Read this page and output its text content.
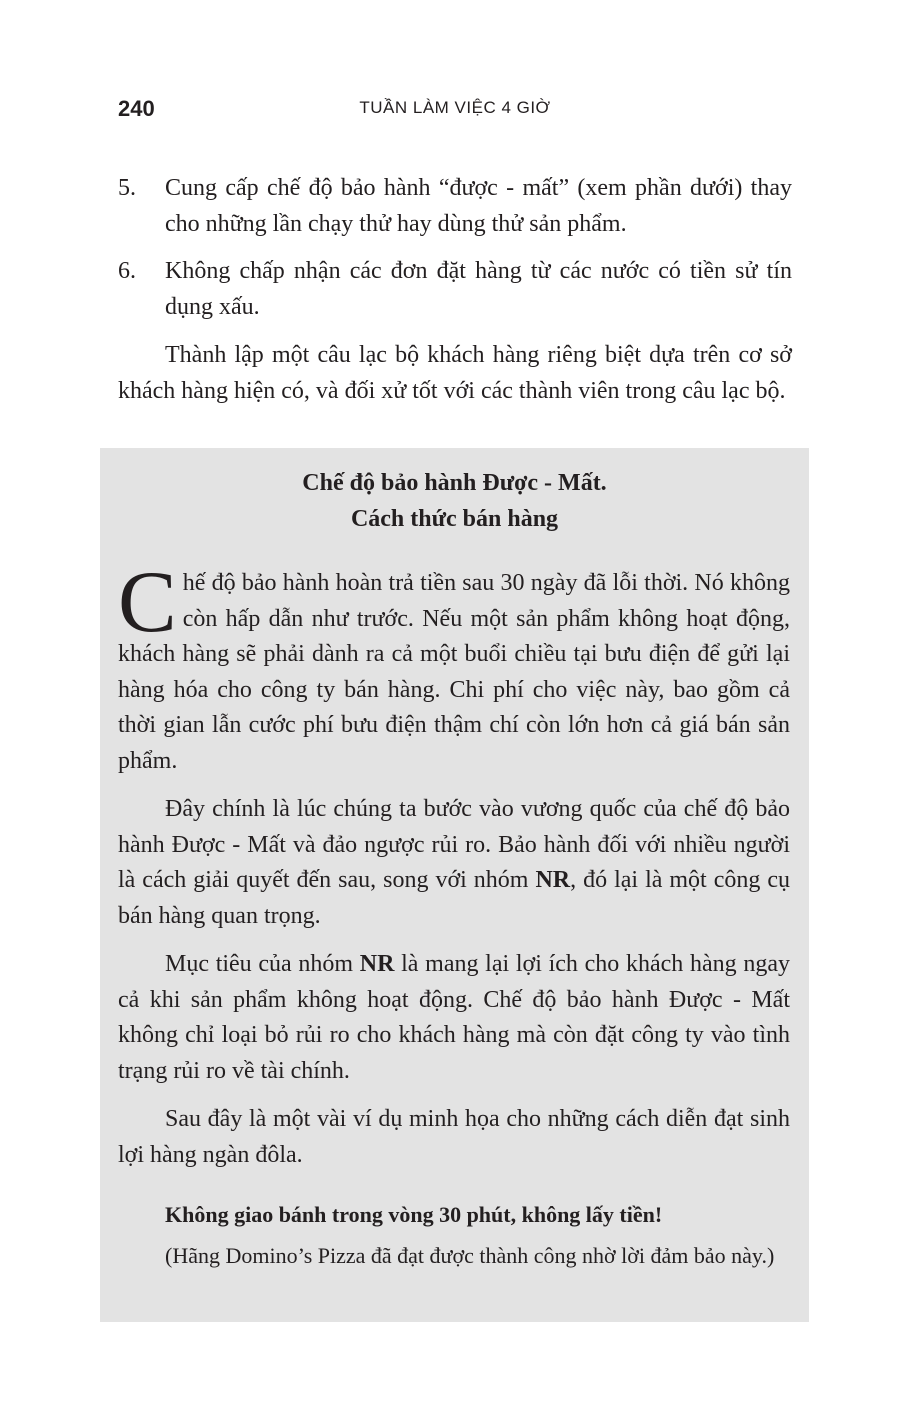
240	TUẦN LÀM VIỆC 4 GIỜ
5. Cung cấp chế độ bảo hành “được - mất” (xem phần dưới) thay cho những lần chạy thử hay dùng thử sản phẩm.
6. Không chấp nhận các đơn đặt hàng từ các nước có tiền sử tín dụng xấu.
Thành lập một câu lạc bộ khách hàng riêng biệt dựa trên cơ sở khách hàng hiện có, và đối xử tốt với các thành viên trong câu lạc bộ.
Chế độ bảo hành Được - Mất.
Cách thức bán hàng

Chế độ bảo hành hoàn trả tiền sau 30 ngày đã lỗi thời. Nó không còn hấp dẫn như trước. Nếu một sản phẩm không hoạt động, khách hàng sẽ phải dành ra cả một buổi chiều tại bưu điện để gửi lại hàng hóa cho công ty bán hàng. Chi phí cho việc này, bao gồm cả thời gian lẫn cước phí bưu điện thậm chí còn lớn hơn cả giá bán sản phẩm.

Đây chính là lúc chúng ta bước vào vương quốc của chế độ bảo hành Được - Mất và đảo ngược rủi ro. Bảo hành đối với nhiều người là cách giải quyết đến sau, song với nhóm NR, đó lại là một công cụ bán hàng quan trọng.

Mục tiêu của nhóm NR là mang lại lợi ích cho khách hàng ngay cả khi sản phẩm không hoạt động. Chế độ bảo hành Được - Mất không chỉ loại bỏ rủi ro cho khách hàng mà còn đặt công ty vào tình trạng rủi ro về tài chính.

Sau đây là một vài ví dụ minh họa cho những cách diễn đạt sinh lợi hàng ngàn đôla.

Không giao bánh trong vòng 30 phút, không lấy tiền!
(Hãng Domino’s Pizza đã đạt được thành công nhờ lời đảm bảo này.)
